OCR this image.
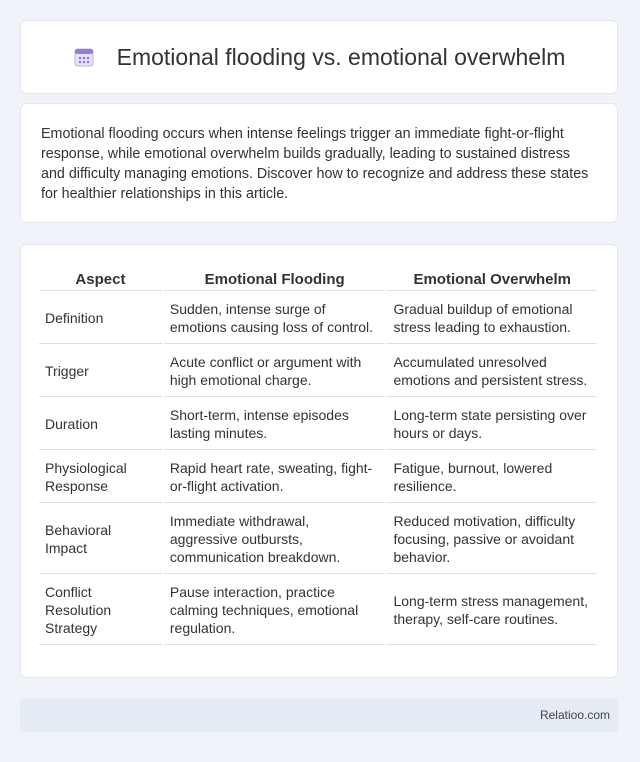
Emotional flooding vs. emotional overwhelm

Emotional flooding occurs when intense feelings trigger an immediate fight-or-flight response, while emotional overwhelm builds gradually, leading to sustained distress and difficulty managing emotions. Discover how to recognize and address these states for healthier relationships in this article.

Aspect	Emotional Flooding	Emotional Overwhelm
Definition	Sudden, intense surge of emotions causing loss of control.	Gradual buildup of emotional stress leading to exhaustion.
Trigger	Acute conflict or argument with high emotional charge.	Accumulated unresolved emotions and persistent stress.
Duration	Short-term, intense episodes lasting minutes.	Long-term state persisting over hours or days.
Physiological Response	Rapid heart rate, sweating, fight-or-flight activation.	Fatigue, burnout, lowered resilience.
Behavioral Impact	Immediate withdrawal, aggressive outbursts, communication breakdown.	Reduced motivation, difficulty focusing, passive or avoidant behavior.
Conflict Resolution Strategy	Pause interaction, practice calming techniques, emotional regulation.	Long-term stress management, therapy, self-care routines.
Relatioo.com
